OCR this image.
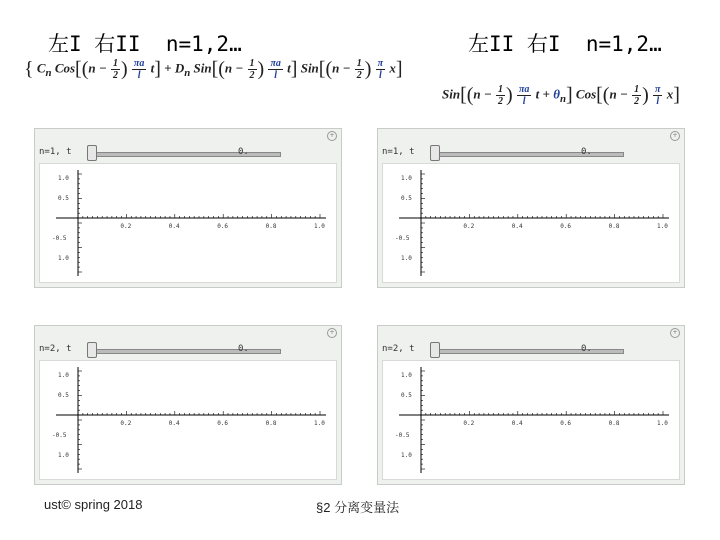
左I 右II  n=1,2…	左II 右I  n=1,2…
{ $C_n$ $Cos[(n - \frac{1}{2}$ ) $\frac{\pi a}{l} t] + D_n$ $Sin[(n - \frac{1}{2}$ ) $\frac{\pi a}{l} t$] $Sin[(n - \frac{1}{2}$ ) $\frac{\pi}{l} x$]
$Sin[(n - \frac{1}{2}$ ) $\frac{\pi a}{l}$ $t + \theta_n$] $Cos[(n - \frac{1}{2}$ ) $\frac{\pi}{l} x$]
+
n=1, t	0.
0.2	0.4	0.6	0.8	1.0
1.0
0.5
-0.5
1.0
+
n=1, t	0.
0.2	0.4	0.6	0.8	1.0
1.0
0.5
-0.5
1.0
+
n=2, t	0.
0.2	0.4	0.6	0.8	1.0
1.0
0.5
-0.5
1.0
+
n=2, t	0.
0.2	0.4	0.6	0.8	1.0
1.0
0.5
-0.5
1.0
ust© spring 2018	§2 分离变量法
